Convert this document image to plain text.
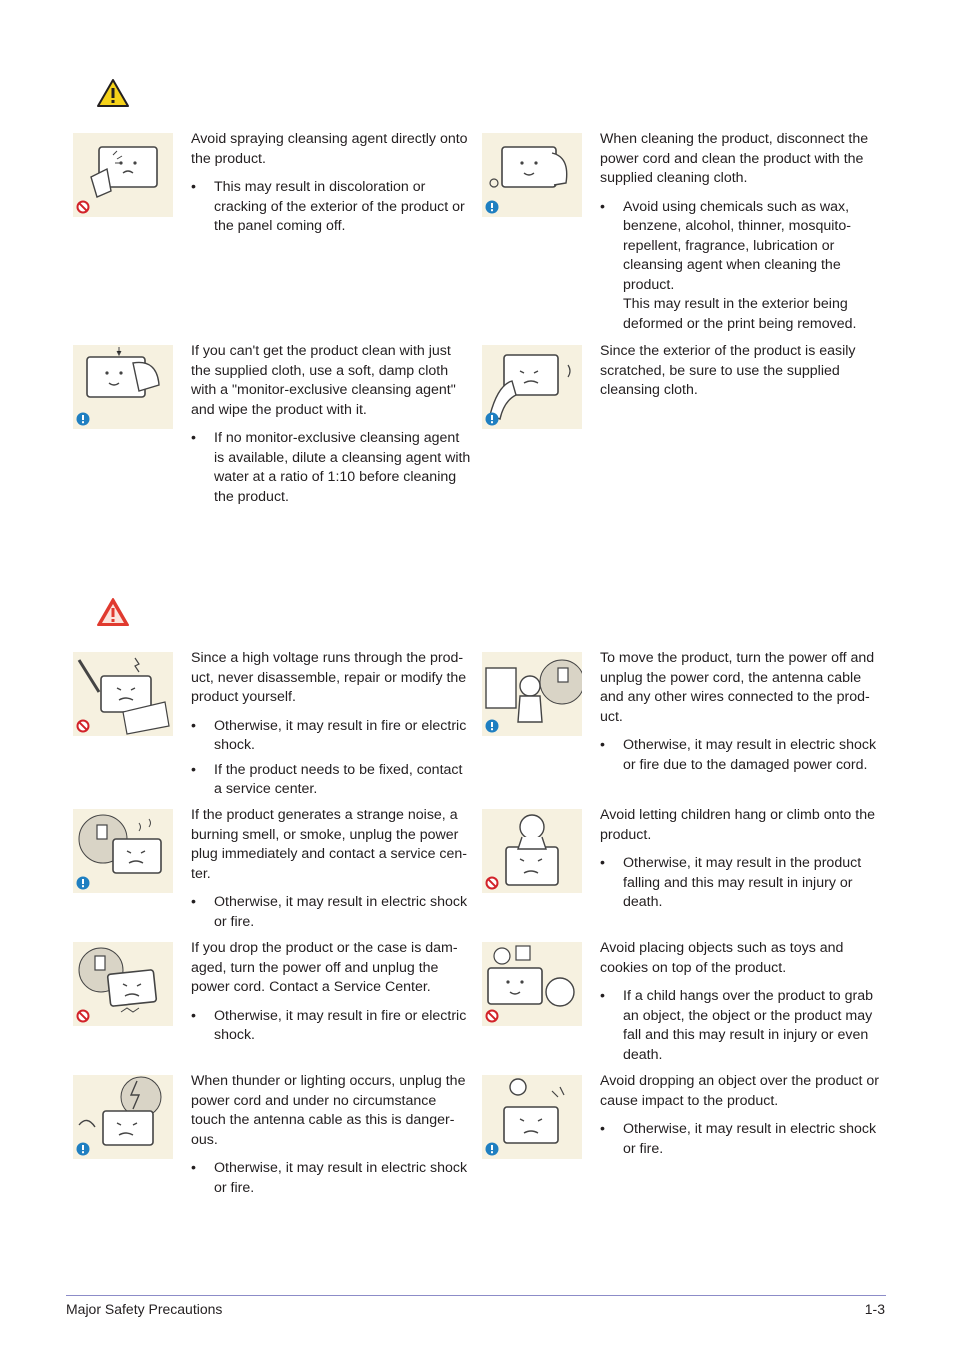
Avoid spraying cleansing agent directly onto the product.

• This may result in discoloration or cracking of the exterior of the product or the panel coming off.

When cleaning the product, disconnect the power cord and clean the product with the supplied cleaning cloth.

• Avoid using chemicals such as wax, benzene, alcohol, thinner, mosquito-repellent, fragrance, lubrication or cleansing agent when cleaning the product.

This may result in the exterior being deformed or the print being removed.

If you can't get the product clean with just the supplied cloth, use a soft, damp cloth with a "monitor-exclusive cleansing agent" and wipe the product with it.

• If no monitor-exclusive cleansing agent is available, dilute a cleansing agent with water at a ratio of 1:10 before cleaning the product.

Since the exterior of the product is easily scratched, be sure to use the supplied cleansing cloth.

Since a high voltage runs through the prod-uct, never disassemble, repair or modify the product yourself.

• Otherwise, it may result in fire or electric shock.
• If the product needs to be fixed, contact a service center.

To move the product, turn the power off and unplug the power cord, the antenna cable and any other wires connected to the prod-uct.

• Otherwise, it may result in electric shock or fire due to the damaged power cord.

If the product generates a strange noise, a burning smell, or smoke, unplug the power plug immediately and contact a service cen-ter.

• Otherwise, it may result in electric shock or fire.

Avoid letting children hang or climb onto the product.

• Otherwise, it may result in the product falling and this may result in injury or death.

If you drop the product or the case is dam-aged, turn the power off and unplug the power cord. Contact a Service Center.

• Otherwise, it may result in fire or electric shock.

Avoid placing objects such as toys and cookies on top of the product.

• If a child hangs over the product to grab an object, the object or the product may fall and this may result in injury or even death.

When thunder or lighting occurs, unplug the power cord and under no circumstance touch the antenna cable as this is danger-ous.

• Otherwise, it may result in electric shock or fire.

Avoid dropping an object over the product or cause impact to the product.

• Otherwise, it may result in electric shock or fire.
Major Safety Precautions	1-3
